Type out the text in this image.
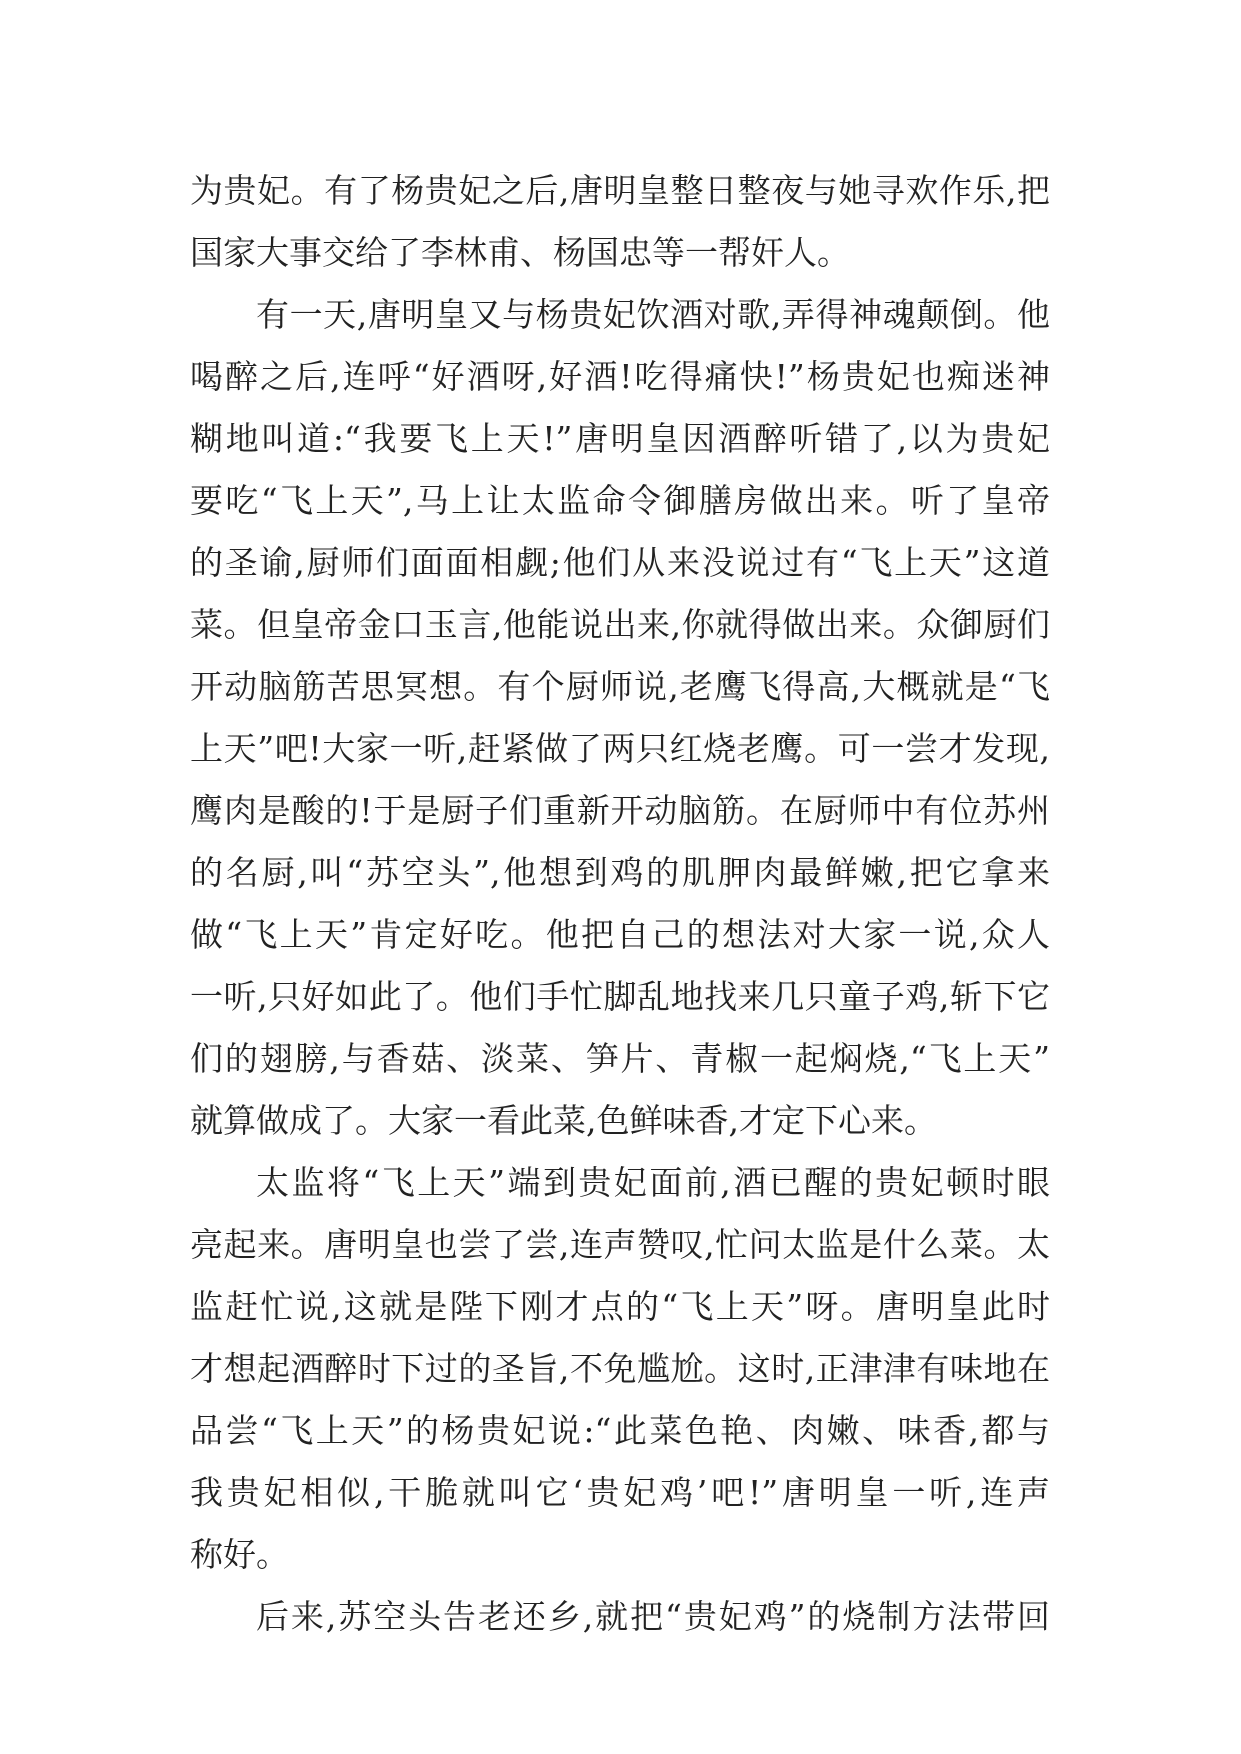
为贵妃。有了杨贵妃之后,唐明皇整日整夜与她寻欢作乐,把
国家大事交给了李林甫、杨国忠等一帮奸人。
有一天,唐明皇又与杨贵妃饮酒对歌,弄得神魂颠倒。他
喝醉之后,连呼“好酒呀,好酒!吃得痛快!”杨贵妃也痴迷神
糊地叫道:“我要飞上天!”唐明皇因酒醉听错了,以为贵妃
要吃“飞上天”,马上让太监命令御膳房做出来。听了皇帝
的圣谕,厨师们面面相觑;他们从来没说过有“飞上天”这道
菜。但皇帝金口玉言,他能说出来,你就得做出来。众御厨们
开动脑筋苦思冥想。有个厨师说,老鹰飞得高,大概就是“飞
上天”吧!大家一听,赶紧做了两只红烧老鹰。可一尝才发现,
鹰肉是酸的!于是厨子们重新开动脑筋。在厨师中有位苏州
的名厨,叫“苏空头”,他想到鸡的肌胛肉最鲜嫩,把它拿来
做“飞上天”肯定好吃。他把自己的想法对大家一说,众人
一听,只好如此了。他们手忙脚乱地找来几只童子鸡,斩下它
们的翅膀,与香菇、淡菜、笋片、青椒一起焖烧,“飞上天”
就算做成了。大家一看此菜,色鲜味香,才定下心来。
太监将“飞上天”端到贵妃面前,酒已醒的贵妃顿时眼
亮起来。唐明皇也尝了尝,连声赞叹,忙问太监是什么菜。太
监赶忙说,这就是陛下刚才点的“飞上天”呀。唐明皇此时
才想起酒醉时下过的圣旨,不免尴尬。这时,正津津有味地在
品尝“飞上天”的杨贵妃说:“此菜色艳、肉嫩、味香,都与
我贵妃相似,干脆就叫它‘贵妃鸡’吧!”唐明皇一听,连声
称好。
后来,苏空头告老还乡,就把“贵妃鸡”的烧制方法带回
